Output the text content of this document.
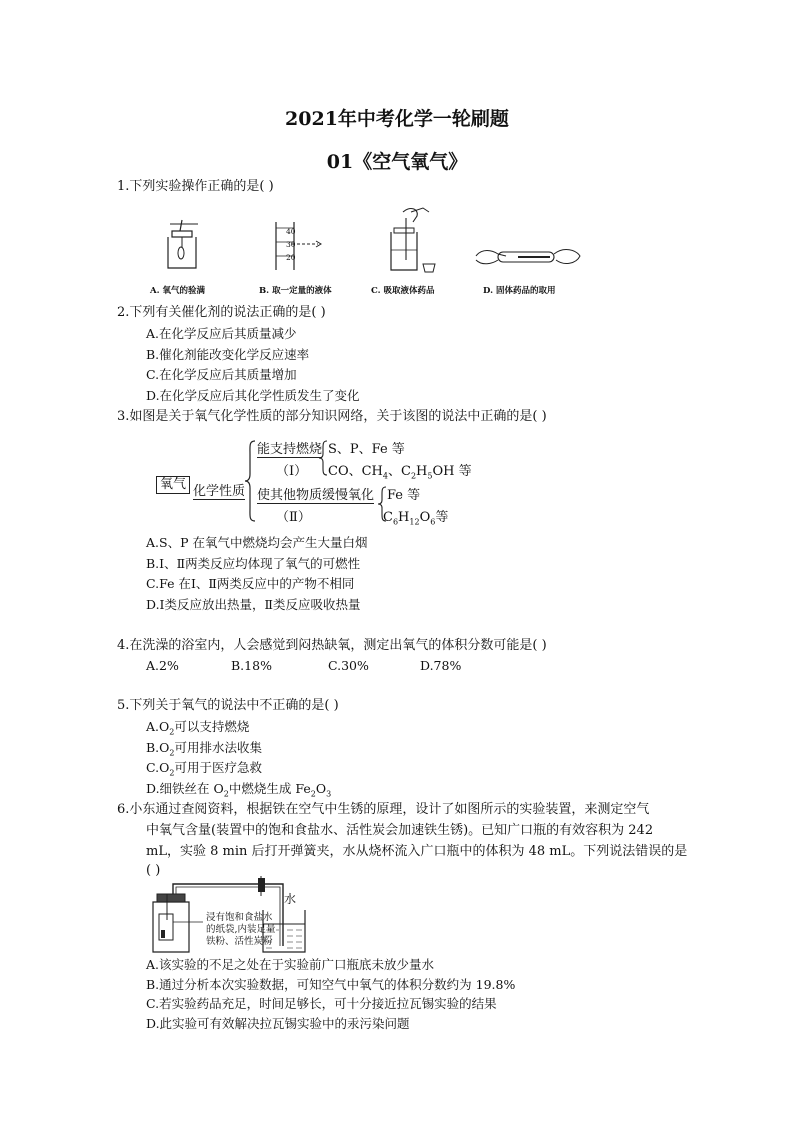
2021年中考化学一轮刷题
01《空气氧气》
1.下列实验操作正确的是( )
A. 氧气的验满
40
30
20
B. 取一定量的液体	C. 吸取液体药品	D. 固体药品的取用
2.下列有关催化剂的说法正确的是( )
A.在化学反应后其质量减少
B.催化剂能改变化学反应速率
C.在化学反应后其质量增加
D.在化学反应后其化学性质发生了变化
3.如图是关于氧气化学性质的部分知识网络，关于该图的说法中正确的是( )
氧气 化学性质
能支持燃烧
（Ⅰ）
S、P、Fe 等
CO、$CH_4$、$C_2H_5OH$ 等
使其他物质缓慢氧化
（Ⅱ）
Fe 等
$C_6H_{12}O_6$等
A.S、P 在氧气中燃烧均会产生大量白烟
B.Ⅰ、Ⅱ两类反应均体现了氧气的可燃性
C.Fe 在Ⅰ、Ⅱ两类反应中的产物不相同
D.Ⅰ类反应放出热量，Ⅱ类反应吸收热量
4.在洗澡的浴室内，人会感觉到闷热缺氧，测定出氧气的体积分数可能是( )
A.2%	B.18%	C.30%	D.78%
5.下列关于氧气的说法中不正确的是( )
$A.O_2$可以支持燃烧
$B.O_2$可用排水法收集
$C.O_2$可用于医疗急救
D.细铁丝在 $O_2$中燃烧生成 $Fe_2O_3$
6.小东通过查阅资料，根据铁在空气中生锈的原理，设计了如图所示的实验装置，来测定空气
中氧气含量(装置中的饱和食盐水、活性炭会加速铁生锈)。已知广口瓶的有效容积为 242
mL，实验 8 min 后打开弹簧夹，水从烧杯流入广口瓶中的体积为 48 mL。下列说法错误的是
( )
水
浸有饱和食盐水
的纸袋,内装足量
铁粉、活性炭粉
A.该实验的不足之处在于实验前广口瓶底未放少量水
B.通过分析本次实验数据，可知空气中氧气的体积分数约为 19.8%
C.若实验药品充足，时间足够长，可十分接近拉瓦锡实验的结果
D.此实验可有效解决拉瓦锡实验中的汞污染问题
